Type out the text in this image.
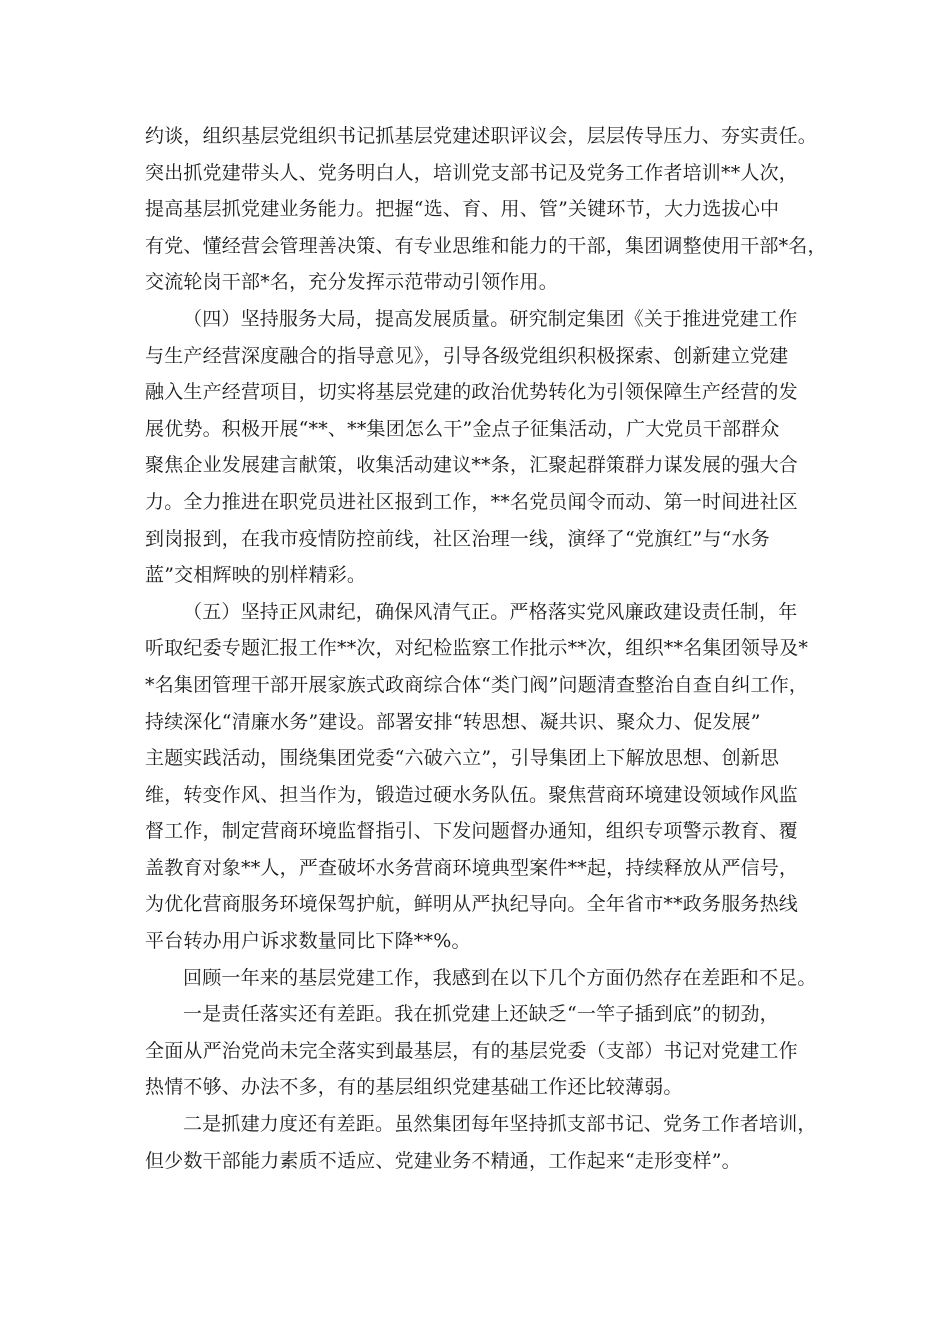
约谈，组织基层党组织书记抓基层党建述职评议会，层层传导压力、夯实责任。
突出抓党建带头人、党务明白人，培训党支部书记及党务工作者培训**人次，
提高基层抓党建业务能力。把握“选、育、用、管”关键环节，大力选拔心中
有党、懂经营会管理善决策、有专业思维和能力的干部，集团调整使用干部*名，
交流轮岗干部*名，充分发挥示范带动引领作用。
（四）坚持服务大局，提高发展质量。研究制定集团《关于推进党建工作
与生产经营深度融合的指导意见》，引导各级党组织积极探索、创新建立党建
融入生产经营项目，切实将基层党建的政治优势转化为引领保障生产经营的发
展优势。积极开展“**、**集团怎么干”金点子征集活动，广大党员干部群众
聚焦企业发展建言献策，收集活动建议**条，汇聚起群策群力谋发展的强大合
力。全力推进在职党员进社区报到工作，**名党员闻令而动、第一时间进社区
到岗报到，在我市疫情防控前线，社区治理一线，演绎了“党旗红”与“水务
蓝”交相辉映的别样精彩。
（五）坚持正风肃纪，确保风清气正。严格落实党风廉政建设责任制，年
听取纪委专题汇报工作**次，对纪检监察工作批示**次，组织**名集团领导及*
*名集团管理干部开展家族式政商综合体“类门阀”问题清查整治自查自纠工作，
持续深化“清廉水务”建设。部署安排“转思想、凝共识、聚众力、促发展”
主题实践活动，围绕集团党委“六破六立”，引导集团上下解放思想、创新思
维，转变作风、担当作为，锻造过硬水务队伍。聚焦营商环境建设领域作风监
督工作，制定营商环境监督指引、下发问题督办通知，组织专项警示教育、覆
盖教育对象**人，严查破坏水务营商环境典型案件**起，持续释放从严信号，
为优化营商服务环境保驾护航，鲜明从严执纪导向。全年省市**政务服务热线
平台转办用户诉求数量同比下降**%。
回顾一年来的基层党建工作，我感到在以下几个方面仍然存在差距和不足。
一是责任落实还有差距。我在抓党建上还缺乏“一竿子插到底”的韧劲，
全面从严治党尚未完全落实到最基层，有的基层党委（支部）书记对党建工作
热情不够、办法不多，有的基层组织党建基础工作还比较薄弱。
二是抓建力度还有差距。虽然集团每年坚持抓支部书记、党务工作者培训，
但少数干部能力素质不适应、党建业务不精通，工作起来“走形变样”。
